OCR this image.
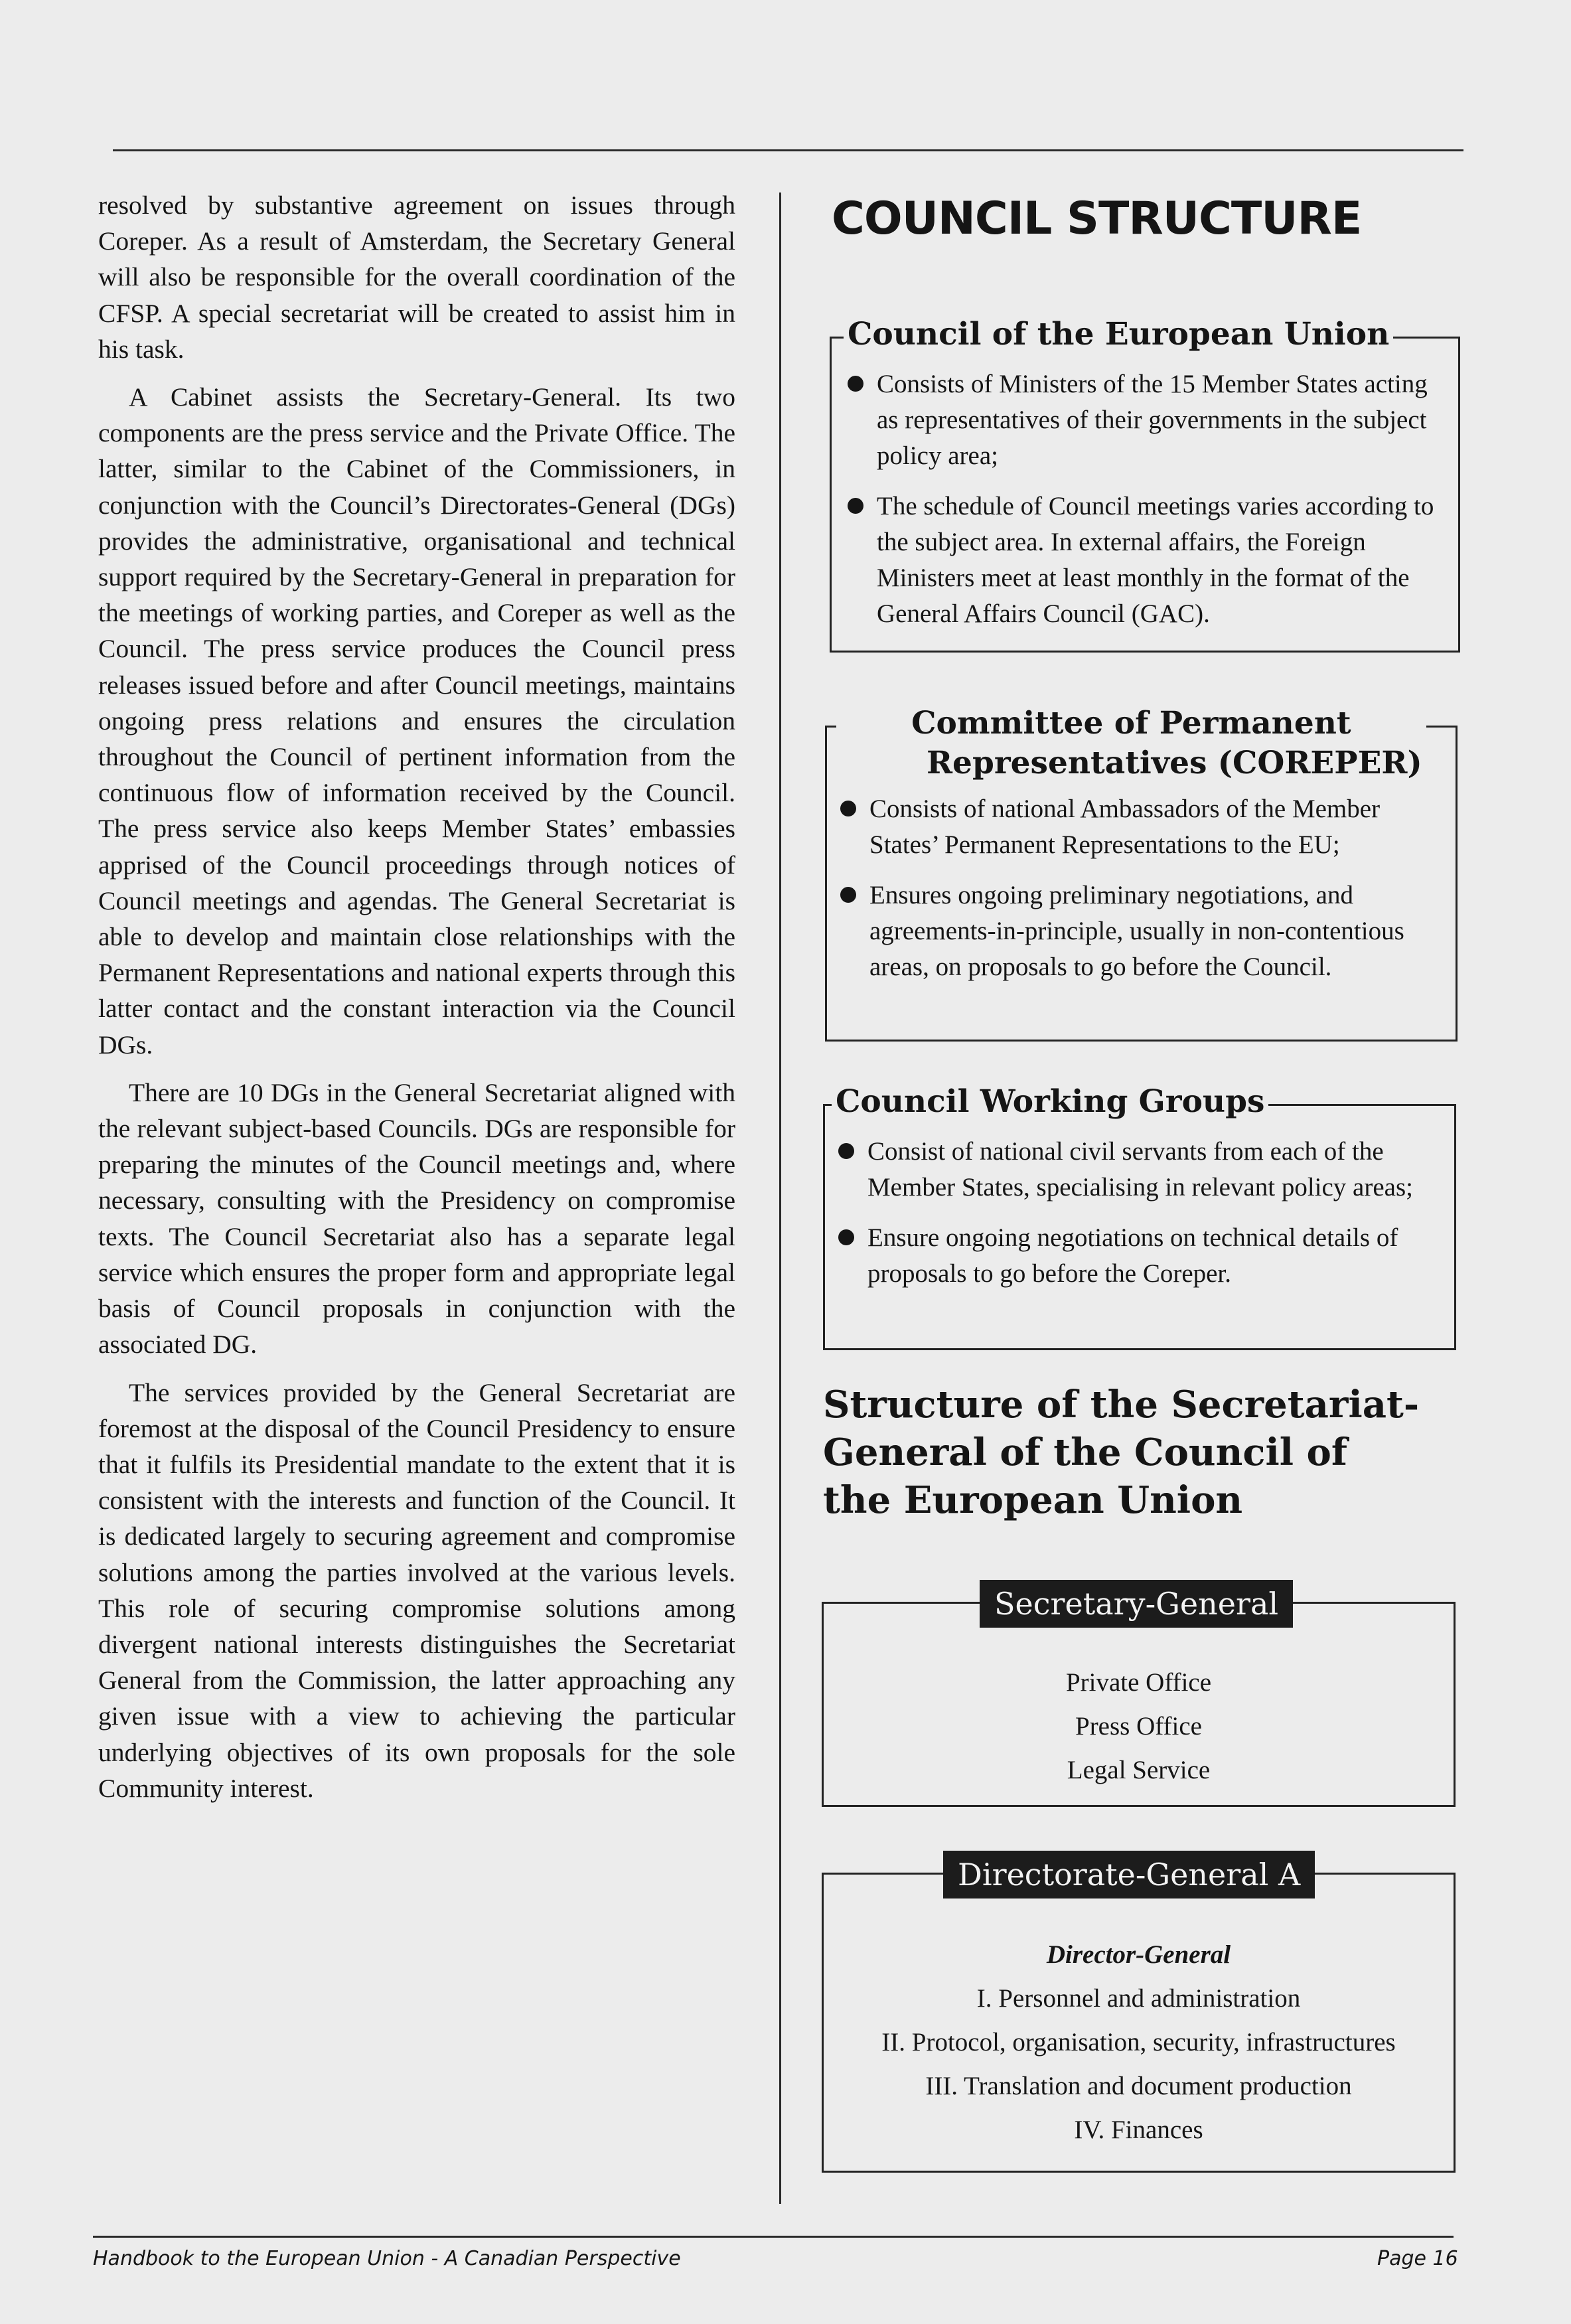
resolved by substantive agreement on issues through Coreper. As a result of Amsterdam, the Secretary General will also be responsible for the overall coordination of the CFSP. A special secretariat will be created to assist him in his task.

A Cabinet assists the Secretary-General. Its two components are the press service and the Private Office. The latter, similar to the Cabinet of the Commissioners, in conjunction with the Council’s Directorates-General (DGs) provides the administrative, organisational and technical support required by the Secretary-General in preparation for the meetings of working parties, and Coreper as well as the Council. The press service produces the Council press releases issued before and after Council meetings, maintains ongoing press relations and ensures the circulation throughout the Council of pertinent information from the continuous flow of information received by the Council. The press service also keeps Member States’ embassies apprised of the Council proceedings through notices of Council meetings and agendas. The General Secretariat is able to develop and maintain close relationships with the Permanent Representations and national experts through this latter contact and the constant interaction via the Council DGs.

There are 10 DGs in the General Secretariat aligned with the relevant subject-based Councils. DGs are responsible for preparing the minutes of the Council meetings and, where necessary, consulting with the Presidency on compromise texts. The Council Secretariat also has a separate legal service which ensures the proper form and appropriate legal basis of Council proposals in conjunction with the associated DG.

The services provided by the General Secretariat are foremost at the disposal of the Council Presidency to ensure that it fulfils its Presidential mandate to the extent that it is consistent with the interests and function of the Council. It is dedicated largely to securing agreement and compromise solutions among the parties involved at the various levels. This role of securing compromise solutions among divergent national interests distinguishes the Secretariat General from the Commission, the latter approaching any given issue with a view to achieving the particular underlying objectives of its own proposals for the sole Community interest.

COUNCIL STRUCTURE
Council of the European Union
Consists of Ministers of the 15 Member States acting as representatives of their governments in the subject policy area;
The schedule of Council meetings varies according to the subject area. In external affairs, the Foreign Ministers meet at least monthly in the format of the General Affairs Council (GAC).
Committee of Permanent
Representatives (COREPER)
Consists of national Ambassadors of the Member States’ Permanent Representations to the EU;
Ensures ongoing preliminary negotiations, and agreements-in-principle, usually in non-contentious areas, on proposals to go before the Council.
Council Working Groups
Consist of national civil servants from each of the Member States, specialising in relevant policy areas;
Ensure ongoing negotiations on technical details of proposals to go before the Coreper.
Structure of the Secretariat-General of the Council of the European Union
Secretary-General
Private Office
Press Office
Legal Service
Directorate-General A
Director-General
I. Personnel and administration
II. Protocol, organisation, security, infrastructures
III. Translation and document production
IV. Finances
Handbook to the European Union - A Canadian Perspective	Page 16
